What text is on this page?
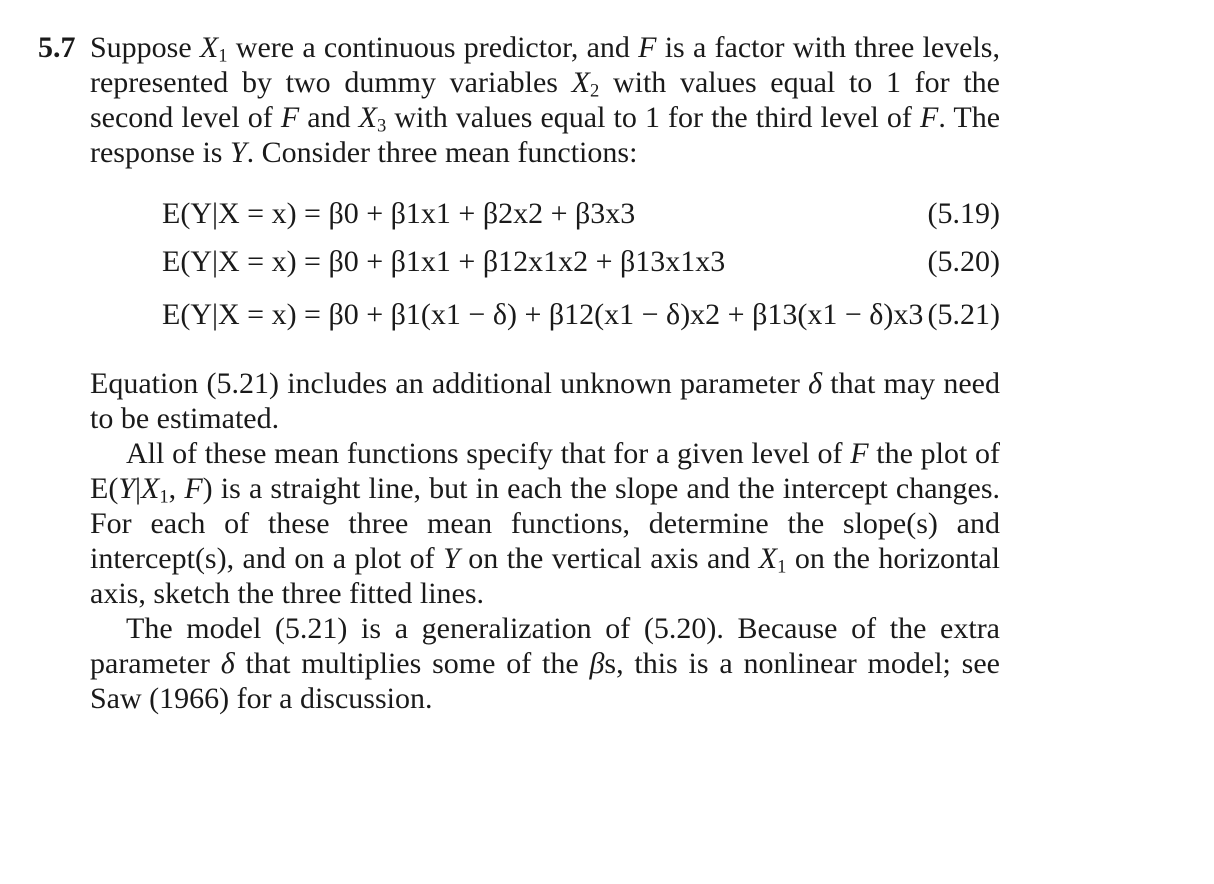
5.7 Suppose $X_1$ were a continuous predictor, and F is a factor with three levels, represented by two dummy variables $X_2$ with values equal to 1 for the second level of F and $X_3$ with values equal to 1 for the third level of F. The response is Y. Consider three mean functions:
E(Y|X = x) = β0 + β1x1 + β2x2 + β3x3	(5.19)
E(Y|X = x) = β0 + β1x1 + β12x1x2 + β13x1x3	(5.20)
E(Y|X = x) = β0 + β1(x1 − δ) + β12(x1 − δ)x2 + β13(x1 − δ)x3 (5.21)

Equation (5.21) includes an additional unknown parameter δ that may need to be estimated.

All of these mean functions specify that for a given level of F the plot of $E(Y|X_1$, F) is a straight line, but in each the slope and the intercept changes. For each of these three mean functions, determine the slope(s) and intercept(s), and on a plot of Y on the vertical axis and $X_1$ on the horizontal axis, sketch the three fitted lines.

The model (5.21) is a generalization of (5.20). Because of the extra parameter δ that multiplies some of the βs, this is a nonlinear model; see Saw (1966) for a discussion.
